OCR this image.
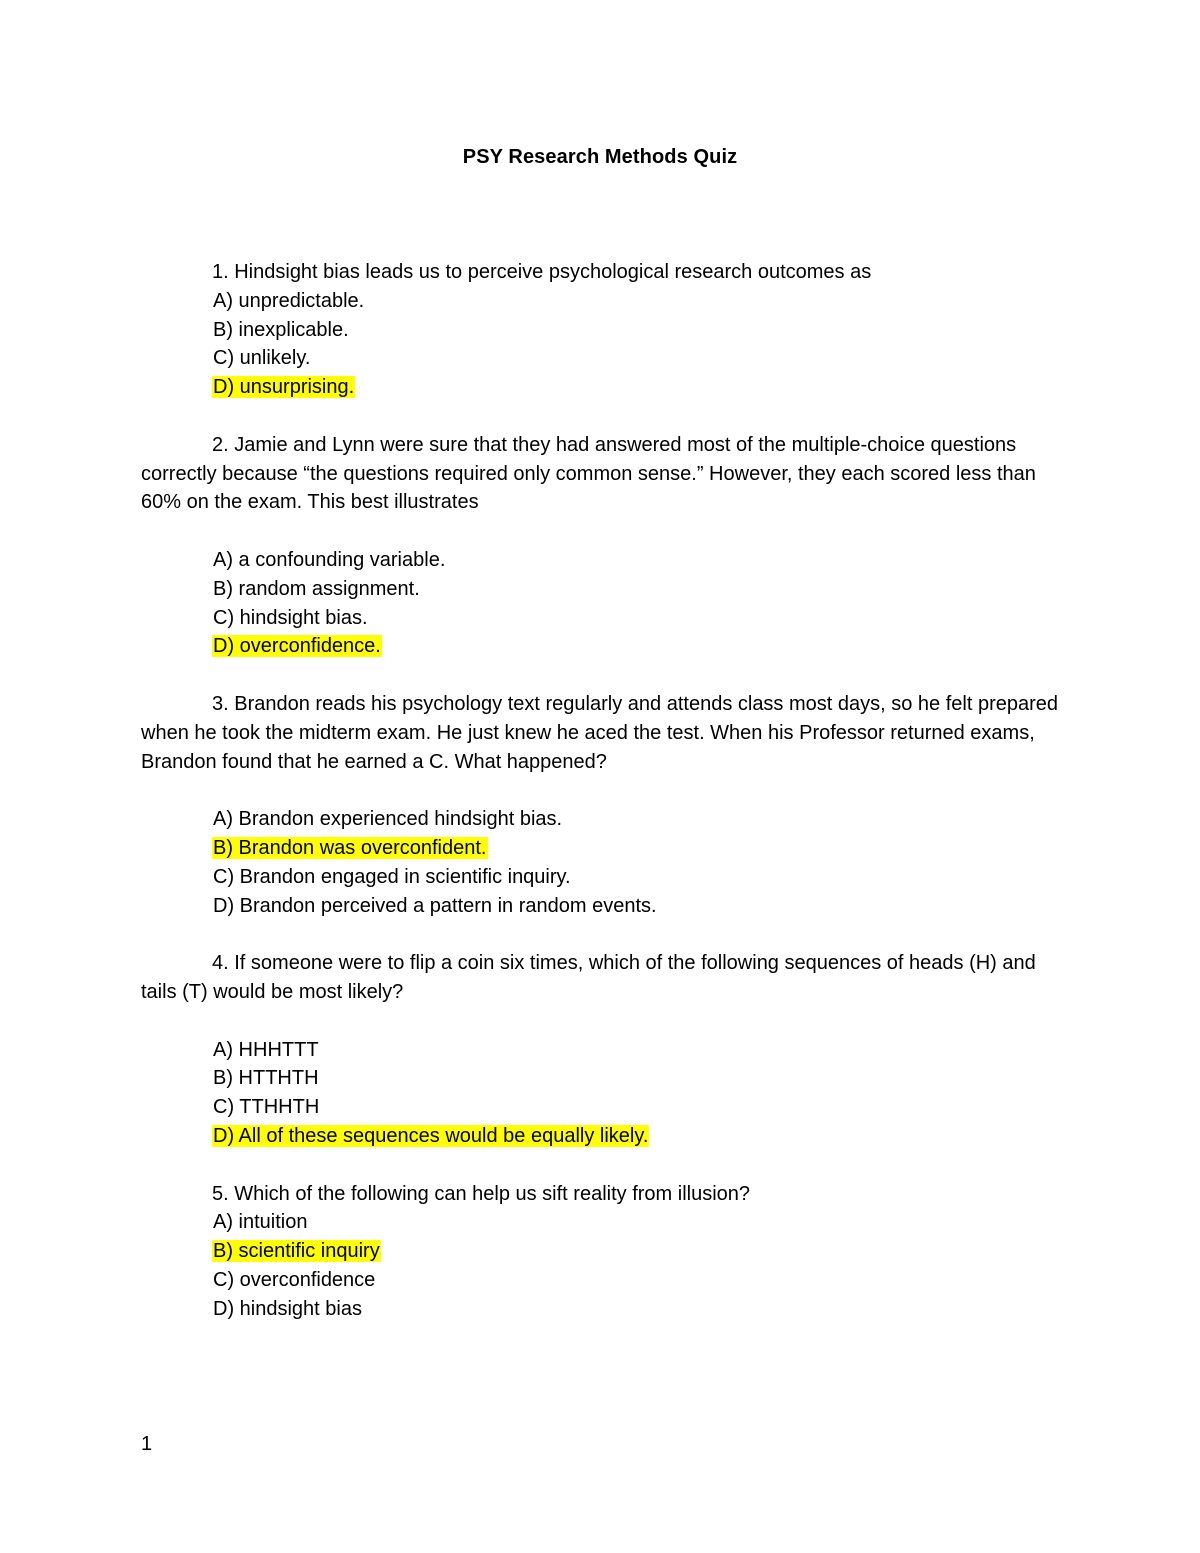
PSY Research Methods Quiz

1. Hindsight bias leads us to perceive psychological research outcomes as

A) unpredictable.
B) inexplicable.
C) unlikely.
D) unsurprising.

2. Jamie and Lynn were sure that they had answered most of the multiple-choice questions correctly because “the questions required only common sense.” However, they each scored less than 60% on the exam. This best illustrates

A) a confounding variable.
B) random assignment.
C) hindsight bias.
D) overconfidence.

3. Brandon reads his psychology text regularly and attends class most days, so he felt prepared when he took the midterm exam. He just knew he aced the test. When his Professor returned exams, Brandon found that he earned a C. What happened?

A) Brandon experienced hindsight bias.
B) Brandon was overconfident.
C) Brandon engaged in scientific inquiry.
D) Brandon perceived a pattern in random events.

4. If someone were to flip a coin six times, which of the following sequences of heads (H) and tails (T) would be most likely?

A) HHHTTT
B) HTTHTH
C) TTHHTH
D) All of these sequences would be equally likely.

5. Which of the following can help us sift reality from illusion?

A) intuition
B) scientific inquiry
C) overconfidence
D) hindsight bias
1
